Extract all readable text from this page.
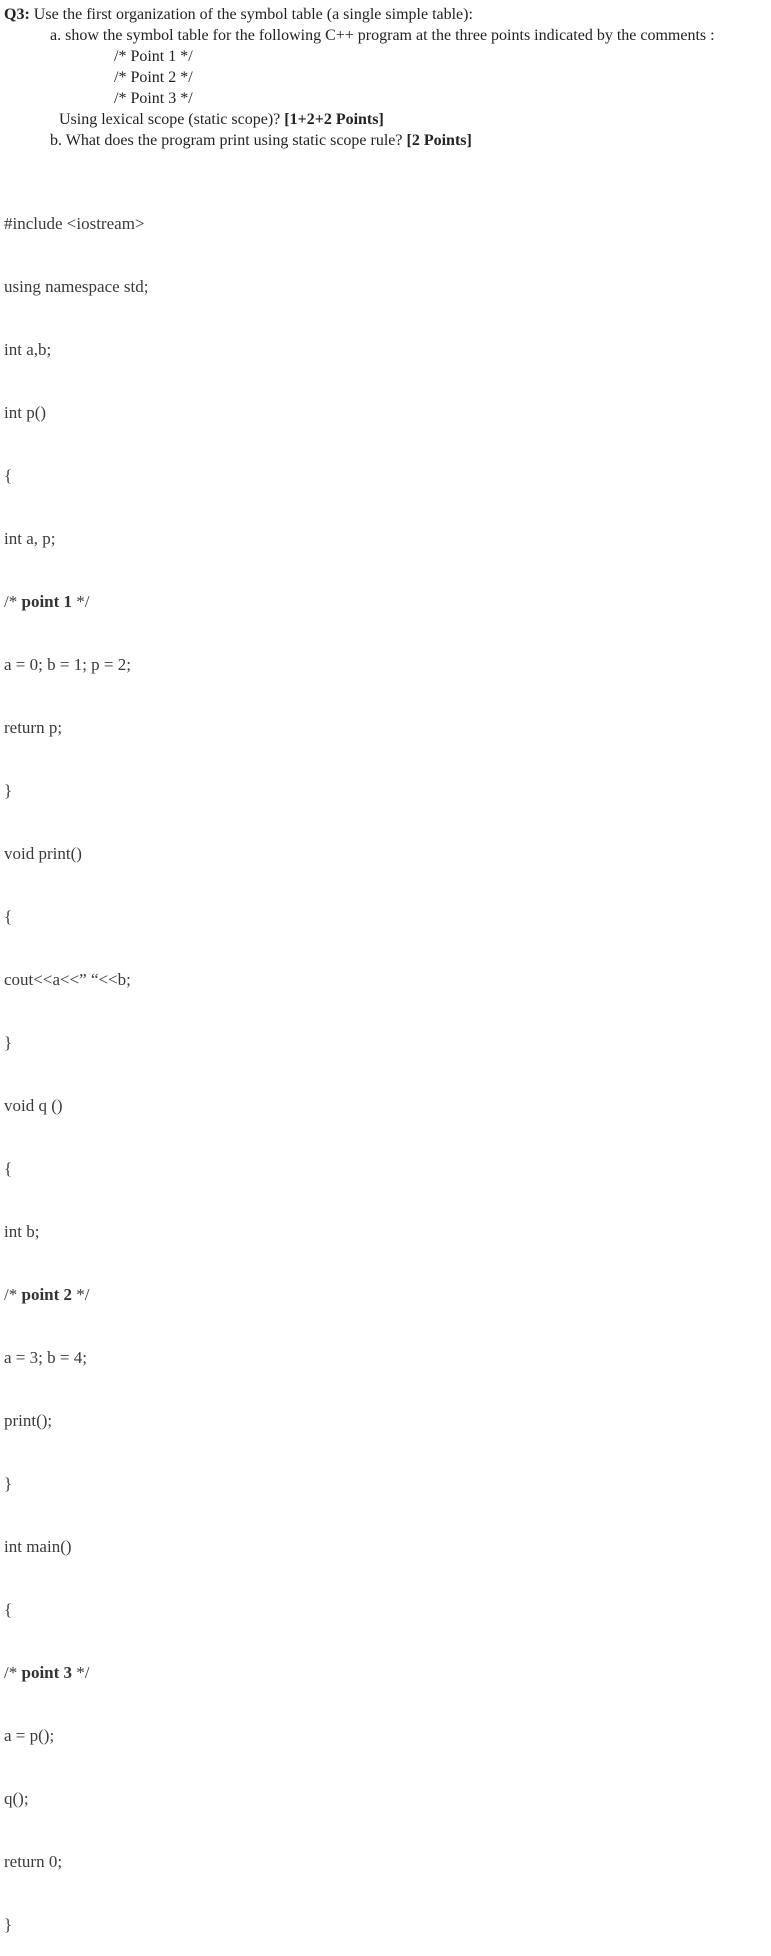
Q3: Use the first organization of the symbol table (a single simple table):
a. show the symbol table for the following C++ program at the three points indicated by the comments :
/* Point 1 */
/* Point 2 */
/* Point 3 */
Using lexical scope (static scope)? [1+2+2 Points]
b. What does the program print using static scope rule? [2 Points]

#include <iostream>

using namespace std;

int a,b;

int p()

{

int a, p;

/* point 1 */

a = 0; b = 1; p = 2;

return p;

}

void print()

{

cout<<a<<” “<<b;

}

void q ()

{

int b;

/* point 2 */

a = 3; b = 4;

print();

}

int main()

{

/* point 3 */

a = p();

q();

return 0;

}
